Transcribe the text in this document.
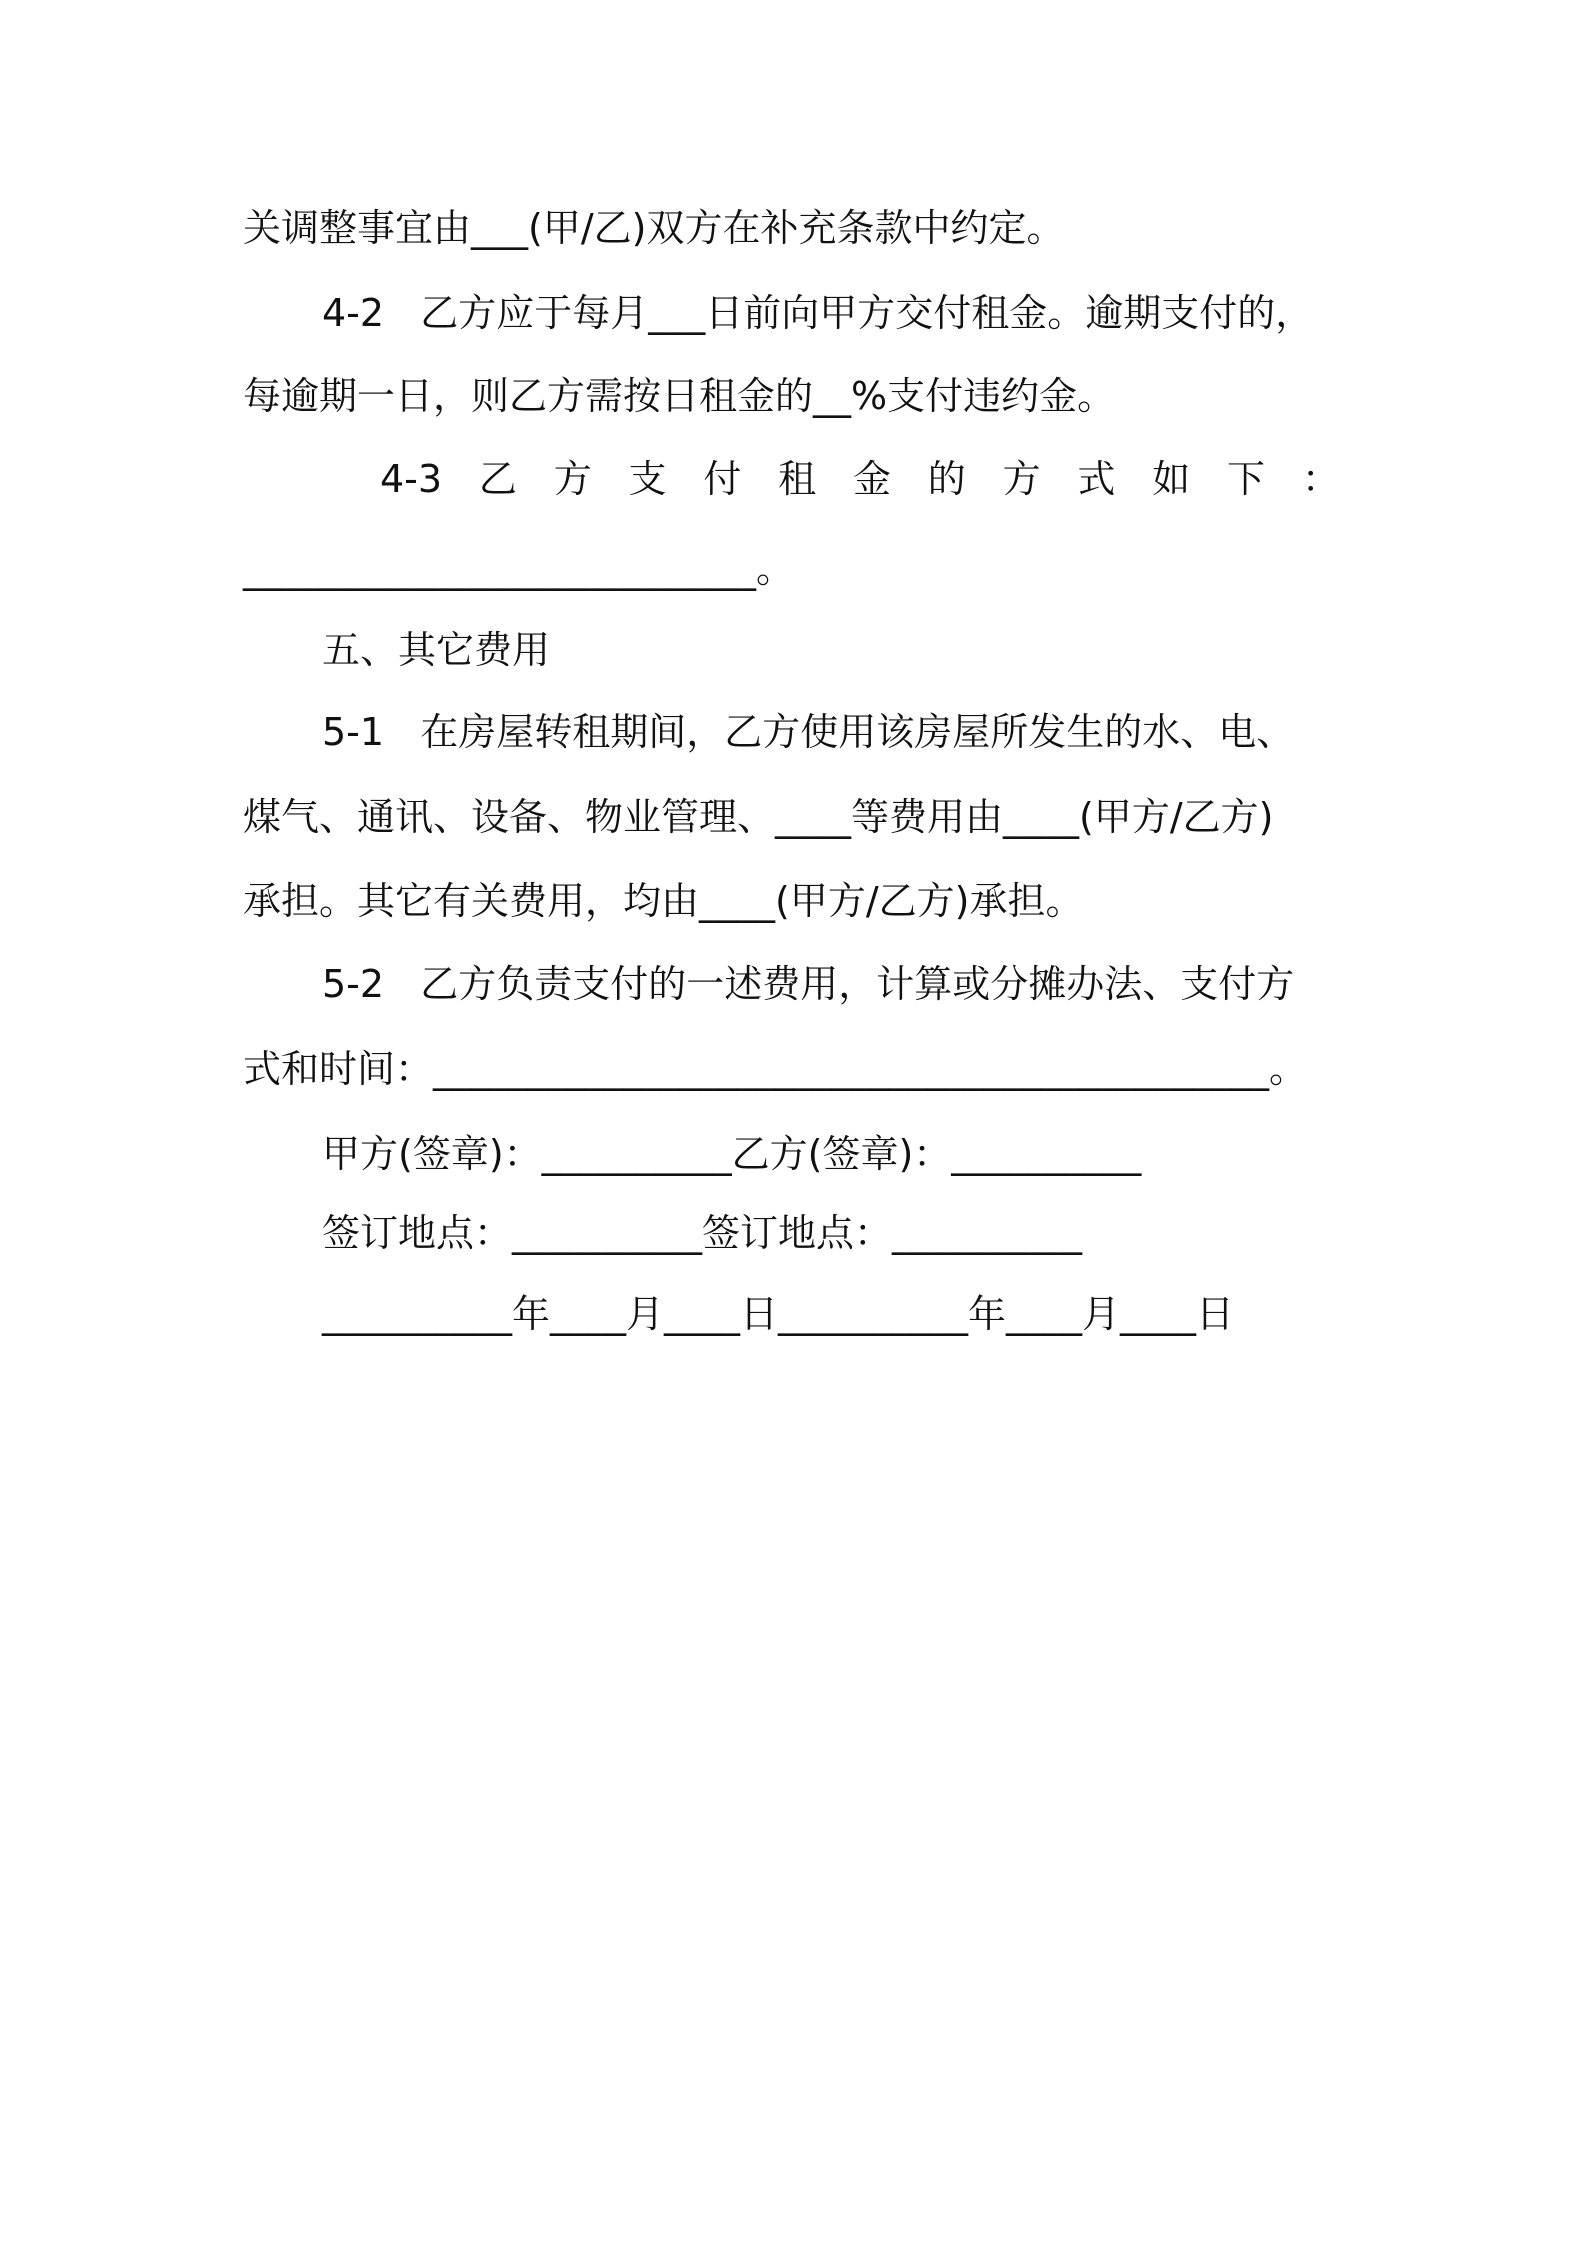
关调整事宜由___(甲/乙)双方在补充条款中约定。
4-2   乙方应于每月___日前向甲方交付租金。逾期支付的，
每逾期一日，则乙方需按日租金的__%支付违约金。
4-3 乙 方 支 付 租 金 的 方 式 如 下 ：
___________________________。
五、其它费用
5-1   在房屋转租期间，乙方使用该房屋所发生的水、电、
煤气、通讯、设备、物业管理、____等费用由____(甲方/乙方)
承担。其它有关费用，均由____(甲方/乙方)承担。
5-2   乙方负责支付的一述费用，计算或分摊办法、支付方
式和时间：____________________________________________。
甲方(签章)：__________乙方(签章)：__________
签订地点：__________签订地点：__________
__________年____月____日__________年____月____日
